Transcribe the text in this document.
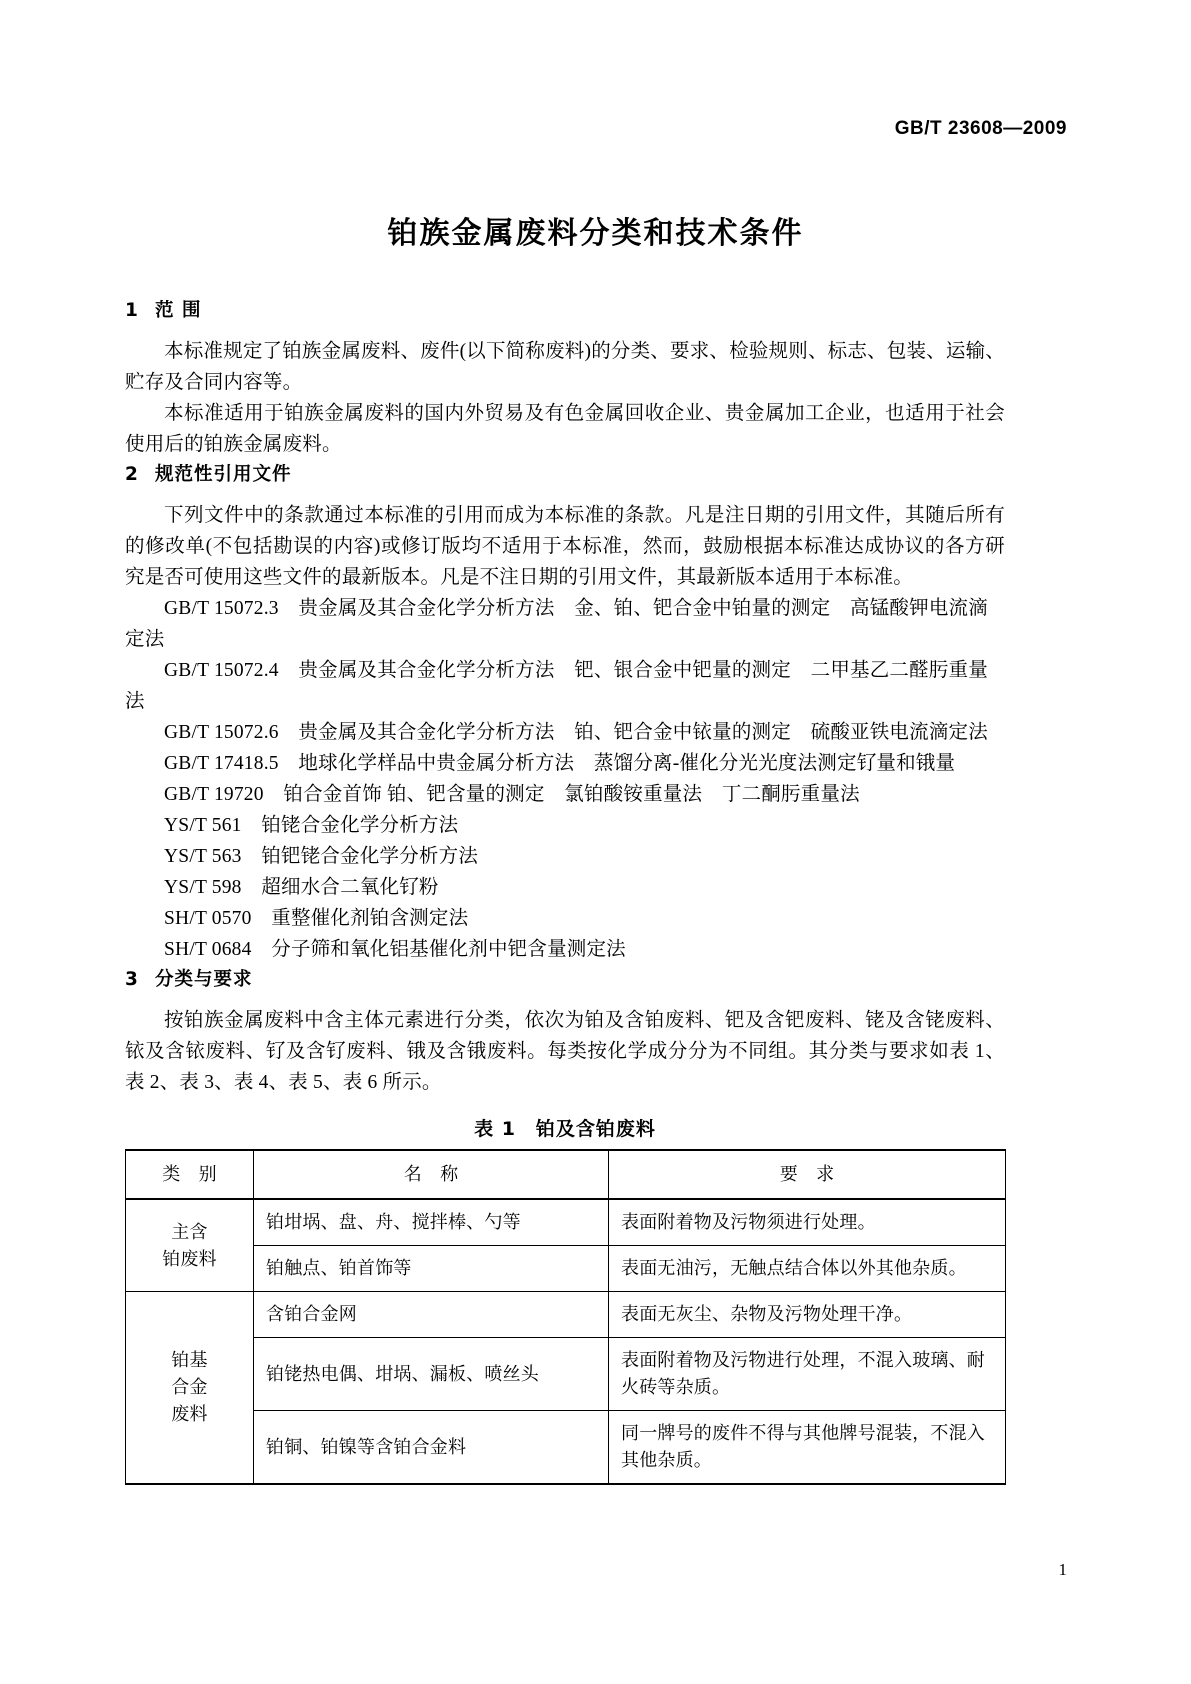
GB/T 23608—2009
铂族金属废料分类和技术条件
1 范 围

本标准规定了铂族金属废料、废件(以下简称废料)的分类、要求、检验规则、标志、包装、运输、贮存及合同内容等。

本标准适用于铂族金属废料的国内外贸易及有色金属回收企业、贵金属加工企业，也适用于社会使用后的铂族金属废料。

2 规范性引用文件

下列文件中的条款通过本标准的引用而成为本标准的条款。凡是注日期的引用文件，其随后所有的修改单(不包括勘误的内容)或修订版均不适用于本标准，然而，鼓励根据本标准达成协议的各方研究是否可使用这些文件的最新版本。凡是不注日期的引用文件，其最新版本适用于本标准。

GB/T 15072.3　贵金属及其合金化学分析方法　金、铂、钯合金中铂量的测定　高锰酸钾电流滴定法
GB/T 15072.4　贵金属及其合金化学分析方法　钯、银合金中钯量的测定　二甲基乙二醛肟重量法
GB/T 15072.6　贵金属及其合金化学分析方法　铂、钯合金中铱量的测定　硫酸亚铁电流滴定法
GB/T 17418.5　地球化学样品中贵金属分析方法　蒸馏分离-催化分光光度法测定钌量和锇量
GB/T 19720　铂合金首饰 铂、钯含量的测定　氯铂酸铵重量法　丁二酮肟重量法
YS/T 561　铂铑合金化学分析方法
YS/T 563　铂钯铑合金化学分析方法
YS/T 598　超细水合二氧化钌粉
SH/T 0570　重整催化剂铂含测定法
SH/T 0684　分子筛和氧化铝基催化剂中钯含量测定法
3 分类与要求

按铂族金属废料中含主体元素进行分类，依次为铂及含铂废料、钯及含钯废料、铑及含铑废料、铱及含铱废料、钌及含钌废料、锇及含锇废料。每类按化学成分分为不同组。其分类与要求如表 1、表 2、表 3、表 4、表 5、表 6 所示。

表 1　铂及含铂废料
类　别	名　称	要　求

主含
铂废料	铂坩埚、盘、舟、搅拌棒、勺等	表面附着物及污物须进行处理。
	铂触点、铂首饰等	表面无油污，无触点结合体以外其他杂质。

铂基
合金
废料	含铂合金网	表面无灰尘、杂物及污物处理干净。
	铂铑热电偶、坩埚、漏板、喷丝头	表面附着物及污物进行处理，不混入玻璃、耐火砖等杂质。
	铂铜、铂镍等含铂合金料	同一牌号的废件不得与其他牌号混装，不混入其他杂质。
1
